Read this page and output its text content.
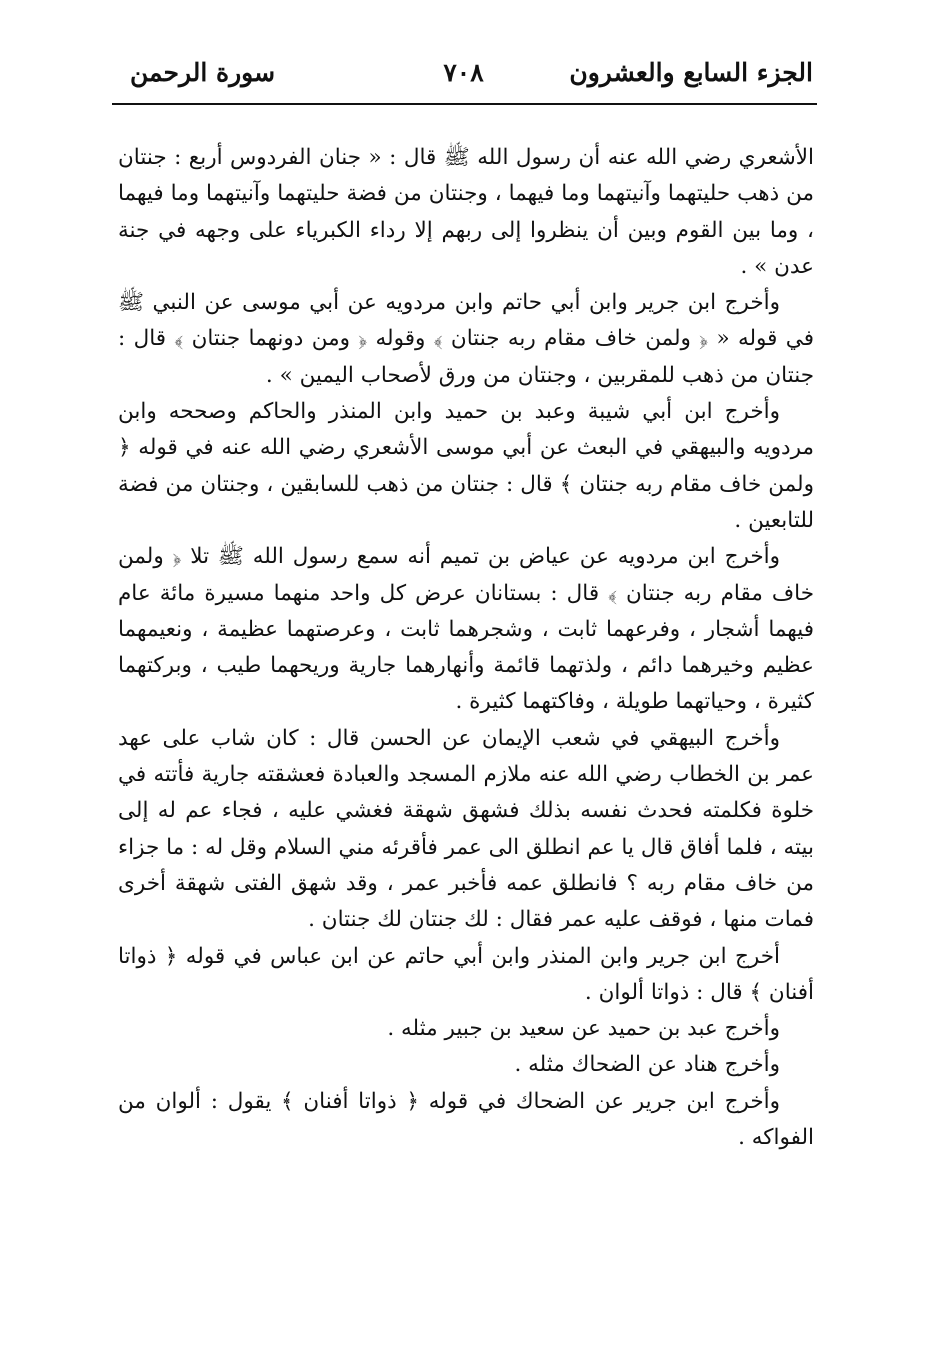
الجزء السابع والعشرون
٧٠٨
سورة الرحمن

الأشعري رضي الله عنه أن رسول الله ﷺ قال : « جنان الفردوس أربع : جنتان من ذهب حليتهما وآنيتهما وما فيهما ، وجنتان من فضة حليتهما وآنيتهما وما فيهما ، وما بين القوم وبين أن ينظروا إلى ربهم إلا رداء الكبرياء على وجهه في جنة عدن » .

وأخرج ابن جرير وابن أبي حاتم وابن مردويه عن أبي موسى عن النبي ﷺ في قوله « ﴿ ولمن خاف مقام ربه جنتان ﴾ وقوله ﴿ ومن دونهما جنتان ﴾ قال : جنتان من ذهب للمقربين ، وجنتان من ورق لأصحاب اليمين » .

وأخرج ابن أبي شيبة وعبد بن حميد وابن المنذر والحاكم وصححه وابن مردويه والبيهقي في البعث عن أبي موسى الأشعري رضي الله عنه في قوله ﴿ ولمن خاف مقام ربه جنتان ﴾ قال : جنتان من ذهب للسابقين ، وجنتان من فضة للتابعين .

وأخرج ابن مردويه عن عياض بن تميم أنه سمع رسول الله ﷺ تلا ﴿ ولمن خاف مقام ربه جنتان ﴾ قال : بستانان عرض كل واحد منهما مسيرة مائة عام فيهما أشجار ، وفرعهما ثابت ، وشجرهما ثابت ، وعرصتهما عظيمة ، ونعيمهما عظيم وخيرهما دائم ، ولذتهما قائمة وأنهارهما جارية وريحهما طيب ، وبركتهما كثيرة ، وحياتهما طويلة ، وفاكتهما كثيرة .

وأخرج البيهقي في شعب الإيمان عن الحسن قال : كان شاب على عهد عمر بن الخطاب رضي الله عنه ملازم المسجد والعبادة فعشقته جارية فأتته في خلوة فكلمته فحدث نفسه بذلك فشهق شهقة فغشي عليه ، فجاء عم له إلى بيته ، فلما أفاق قال يا عم انطلق الى عمر فأقرئه مني السلام وقل له : ما جزاء من خاف مقام ربه ؟ فانطلق عمه فأخبر عمر ، وقد شهق الفتى شهقة أخرى فمات منها ، فوقف عليه عمر فقال : لك جنتان لك جنتان .

أخرج ابن جرير وابن المنذر وابن أبي حاتم عن ابن عباس في قوله ﴿ ذواتا أفنان ﴾ قال : ذواتا ألوان .

وأخرج عبد بن حميد عن سعيد بن جبير مثله .

وأخرج هناد عن الضحاك مثله .

وأخرج ابن جرير عن الضحاك في قوله ﴿ ذواتا أفنان ﴾ يقول : ألوان من الفواكه .
